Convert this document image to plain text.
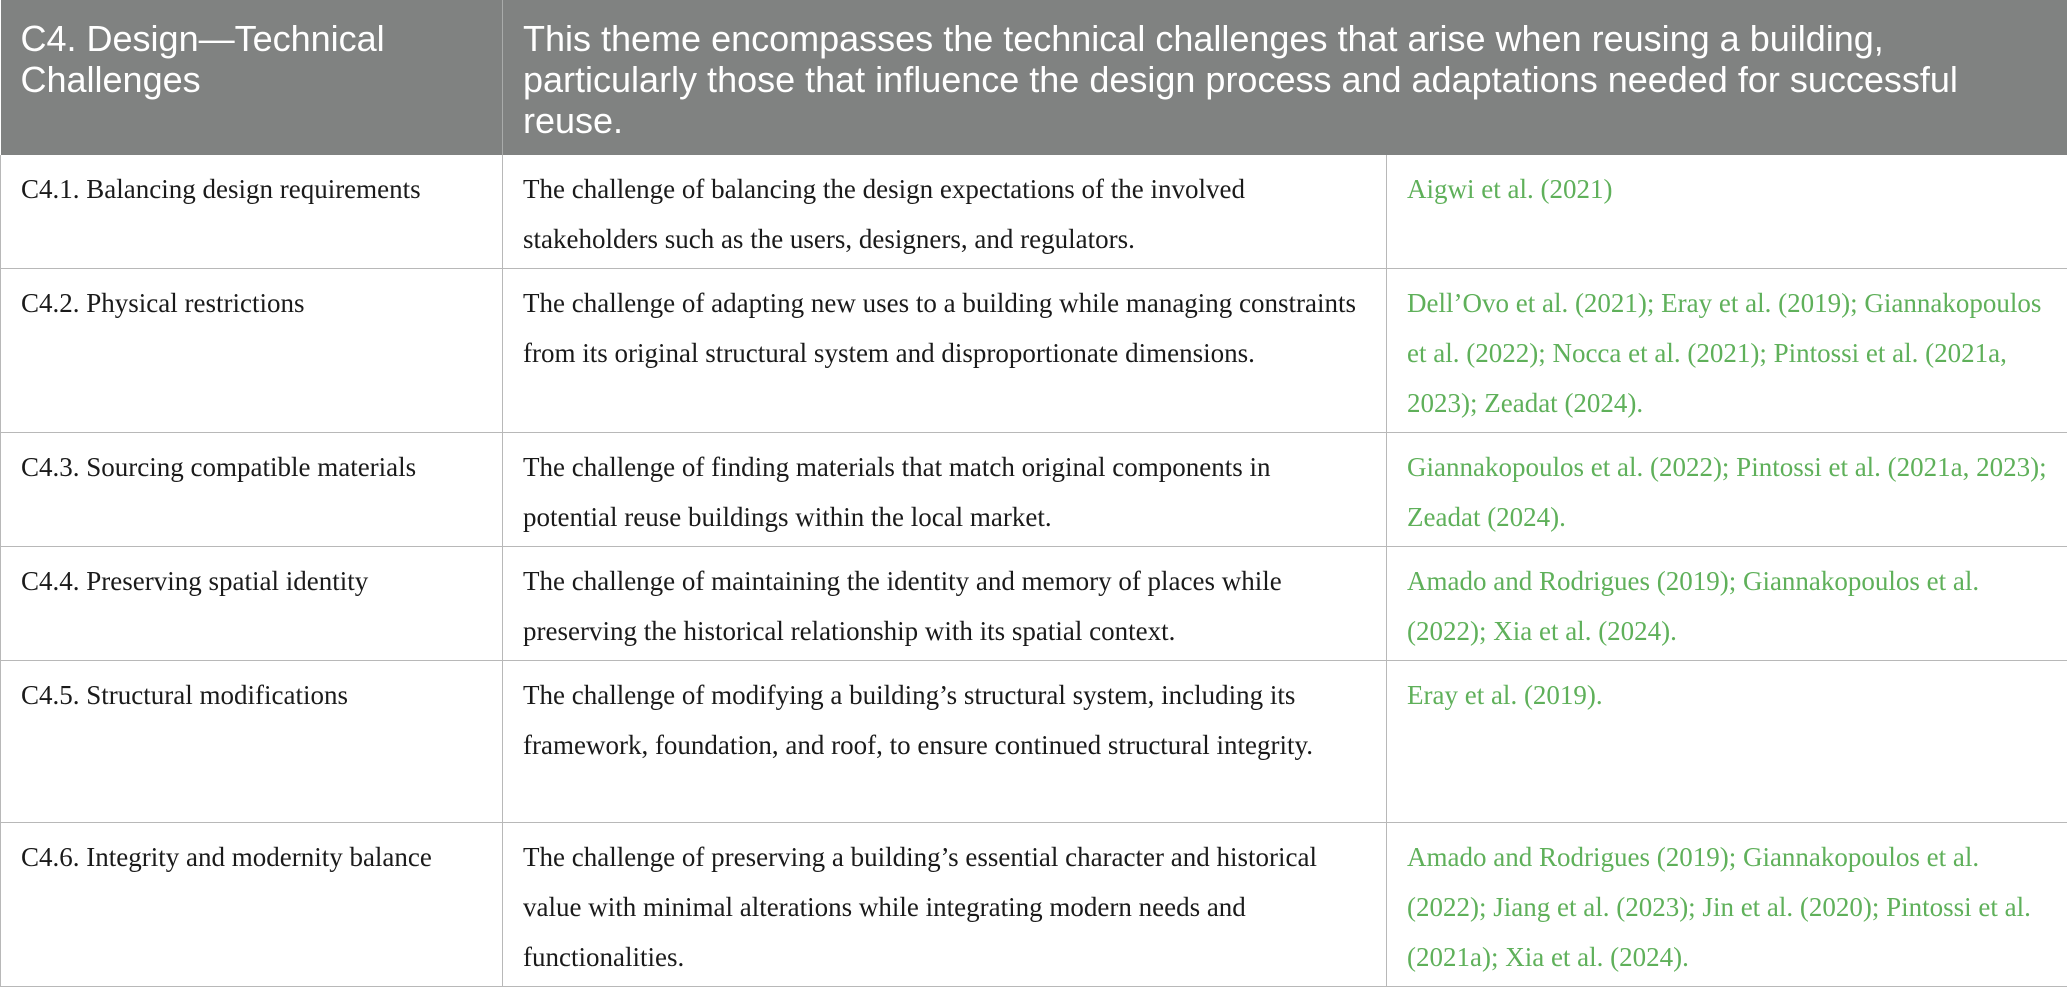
C4. Design—Technical Challenges	This theme encompasses the technical challenges that arise when reusing a building, particularly those that influence the design process and adaptations needed for successful reuse.	
C4.1. Balancing design requirements	The challenge of balancing the design expectations of the involved stakeholders such as the users, designers, and regulators.	Aigwi et al. (2021)
C4.2. Physical restrictions	The challenge of adapting new uses to a building while managing constraints from its original structural system and disproportionate dimensions.	Dell’Ovo et al. (2021); Eray et al. (2019); Giannakopoulos et al. (2022); Nocca et al. (2021); Pintossi et al. (2021a, 2023); Zeadat (2024).
C4.3. Sourcing compatible materials	The challenge of finding materials that match original components in potential reuse buildings within the local market.	Giannakopoulos et al. (2022); Pintossi et al. (2021a, 2023); Zeadat (2024).
C4.4. Preserving spatial identity	The challenge of maintaining the identity and memory of places while preserving the historical relationship with its spatial context.	Amado and Rodrigues (2019); Giannakopoulos et al. (2022); Xia et al. (2024).
C4.5. Structural modifications	The challenge of modifying a building’s structural system, including its framework, foundation, and roof, to ensure continued structural integrity.	Eray et al. (2019).
C4.6. Integrity and modernity balance	The challenge of preserving a building’s essential character and historical value with minimal alterations while integrating modern needs and functionalities.	Amado and Rodrigues (2019); Giannakopoulos et al. (2022); Jiang et al. (2023); Jin et al. (2020); Pintossi et al. (2021a); Xia et al. (2024).
